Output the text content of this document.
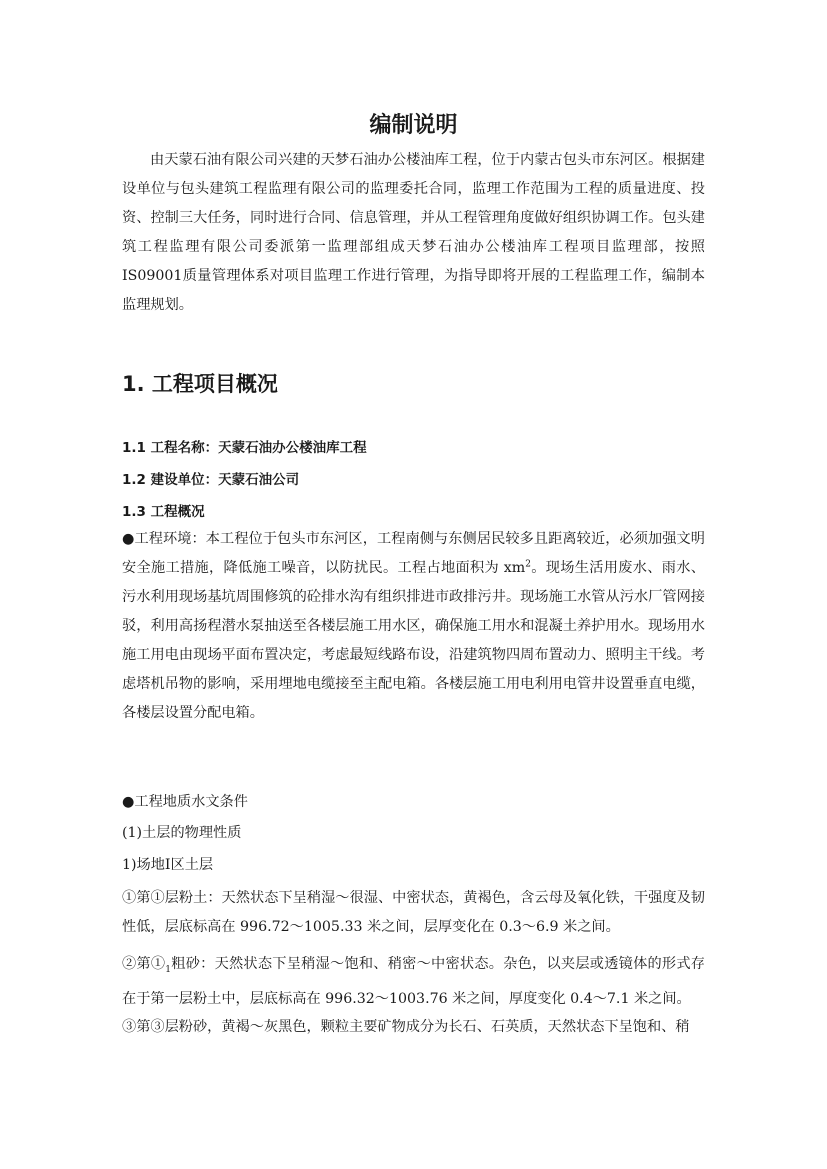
编制说明
由天蒙石油有限公司兴建的天梦石油办公楼油库工程，位于内蒙古包头市东河区。根据建设单位与包头建筑工程监理有限公司的监理委托合同，监理工作范围为工程的质量进度、投资、控制三大任务，同时进行合同、信息管理，并从工程管理角度做好组织协调工作。包头建筑工程监理有限公司委派第一监理部组成天梦石油办公楼油库工程项目监理部，按照IS09001质量管理体系对项目监理工作进行管理，为指导即将开展的工程监理工作，编制本监理规划。
1. 工程项目概况
1.1 工程名称：天蒙石油办公楼油库工程
1.2 建设单位：天蒙石油公司
1.3 工程概况
●工程环境：本工程位于包头市东河区，工程南侧与东侧居民较多且距离较近，必须加强文明安全施工措施，降低施工噪音，以防扰民。工程占地面积为 $xm^2$。现场生活用废水、雨水、污水利用现场基坑周围修筑的砼排水沟有组织排进市政排污井。现场施工水管从污水厂管网接驳，利用高扬程潜水泵抽送至各楼层施工用水区，确保施工用水和混凝土养护用水。现场用水施工用电由现场平面布置决定，考虑最短线路布设，沿建筑物四周布置动力、照明主干线。考虑塔机吊物的影响，采用埋地电缆接至主配电箱。各楼层施工用电利用电管井设置垂直电缆，各楼层设置分配电箱。
●工程地质水文条件
(1)土层的物理性质
1)场地Ⅰ区土层
①第①层粉土：天然状态下呈稍湿～很湿、中密状态，黄褐色，含云母及氧化铁，干强度及韧性低，层底标高在 996.72～1005.33 米之间，层厚变化在 0.3～6.9 米之间。
②第$①_1$粗砂：天然状态下呈稍湿～饱和、稍密～中密状态。杂色，以夹层或透镜体的形式存在于第一层粉土中，层底标高在 996.32～1003.76 米之间，厚度变化 0.4～7.1 米之间。
③第③层粉砂，黄褐～灰黑色，颗粒主要矿物成分为长石、石英质，天然状态下呈饱和、稍
